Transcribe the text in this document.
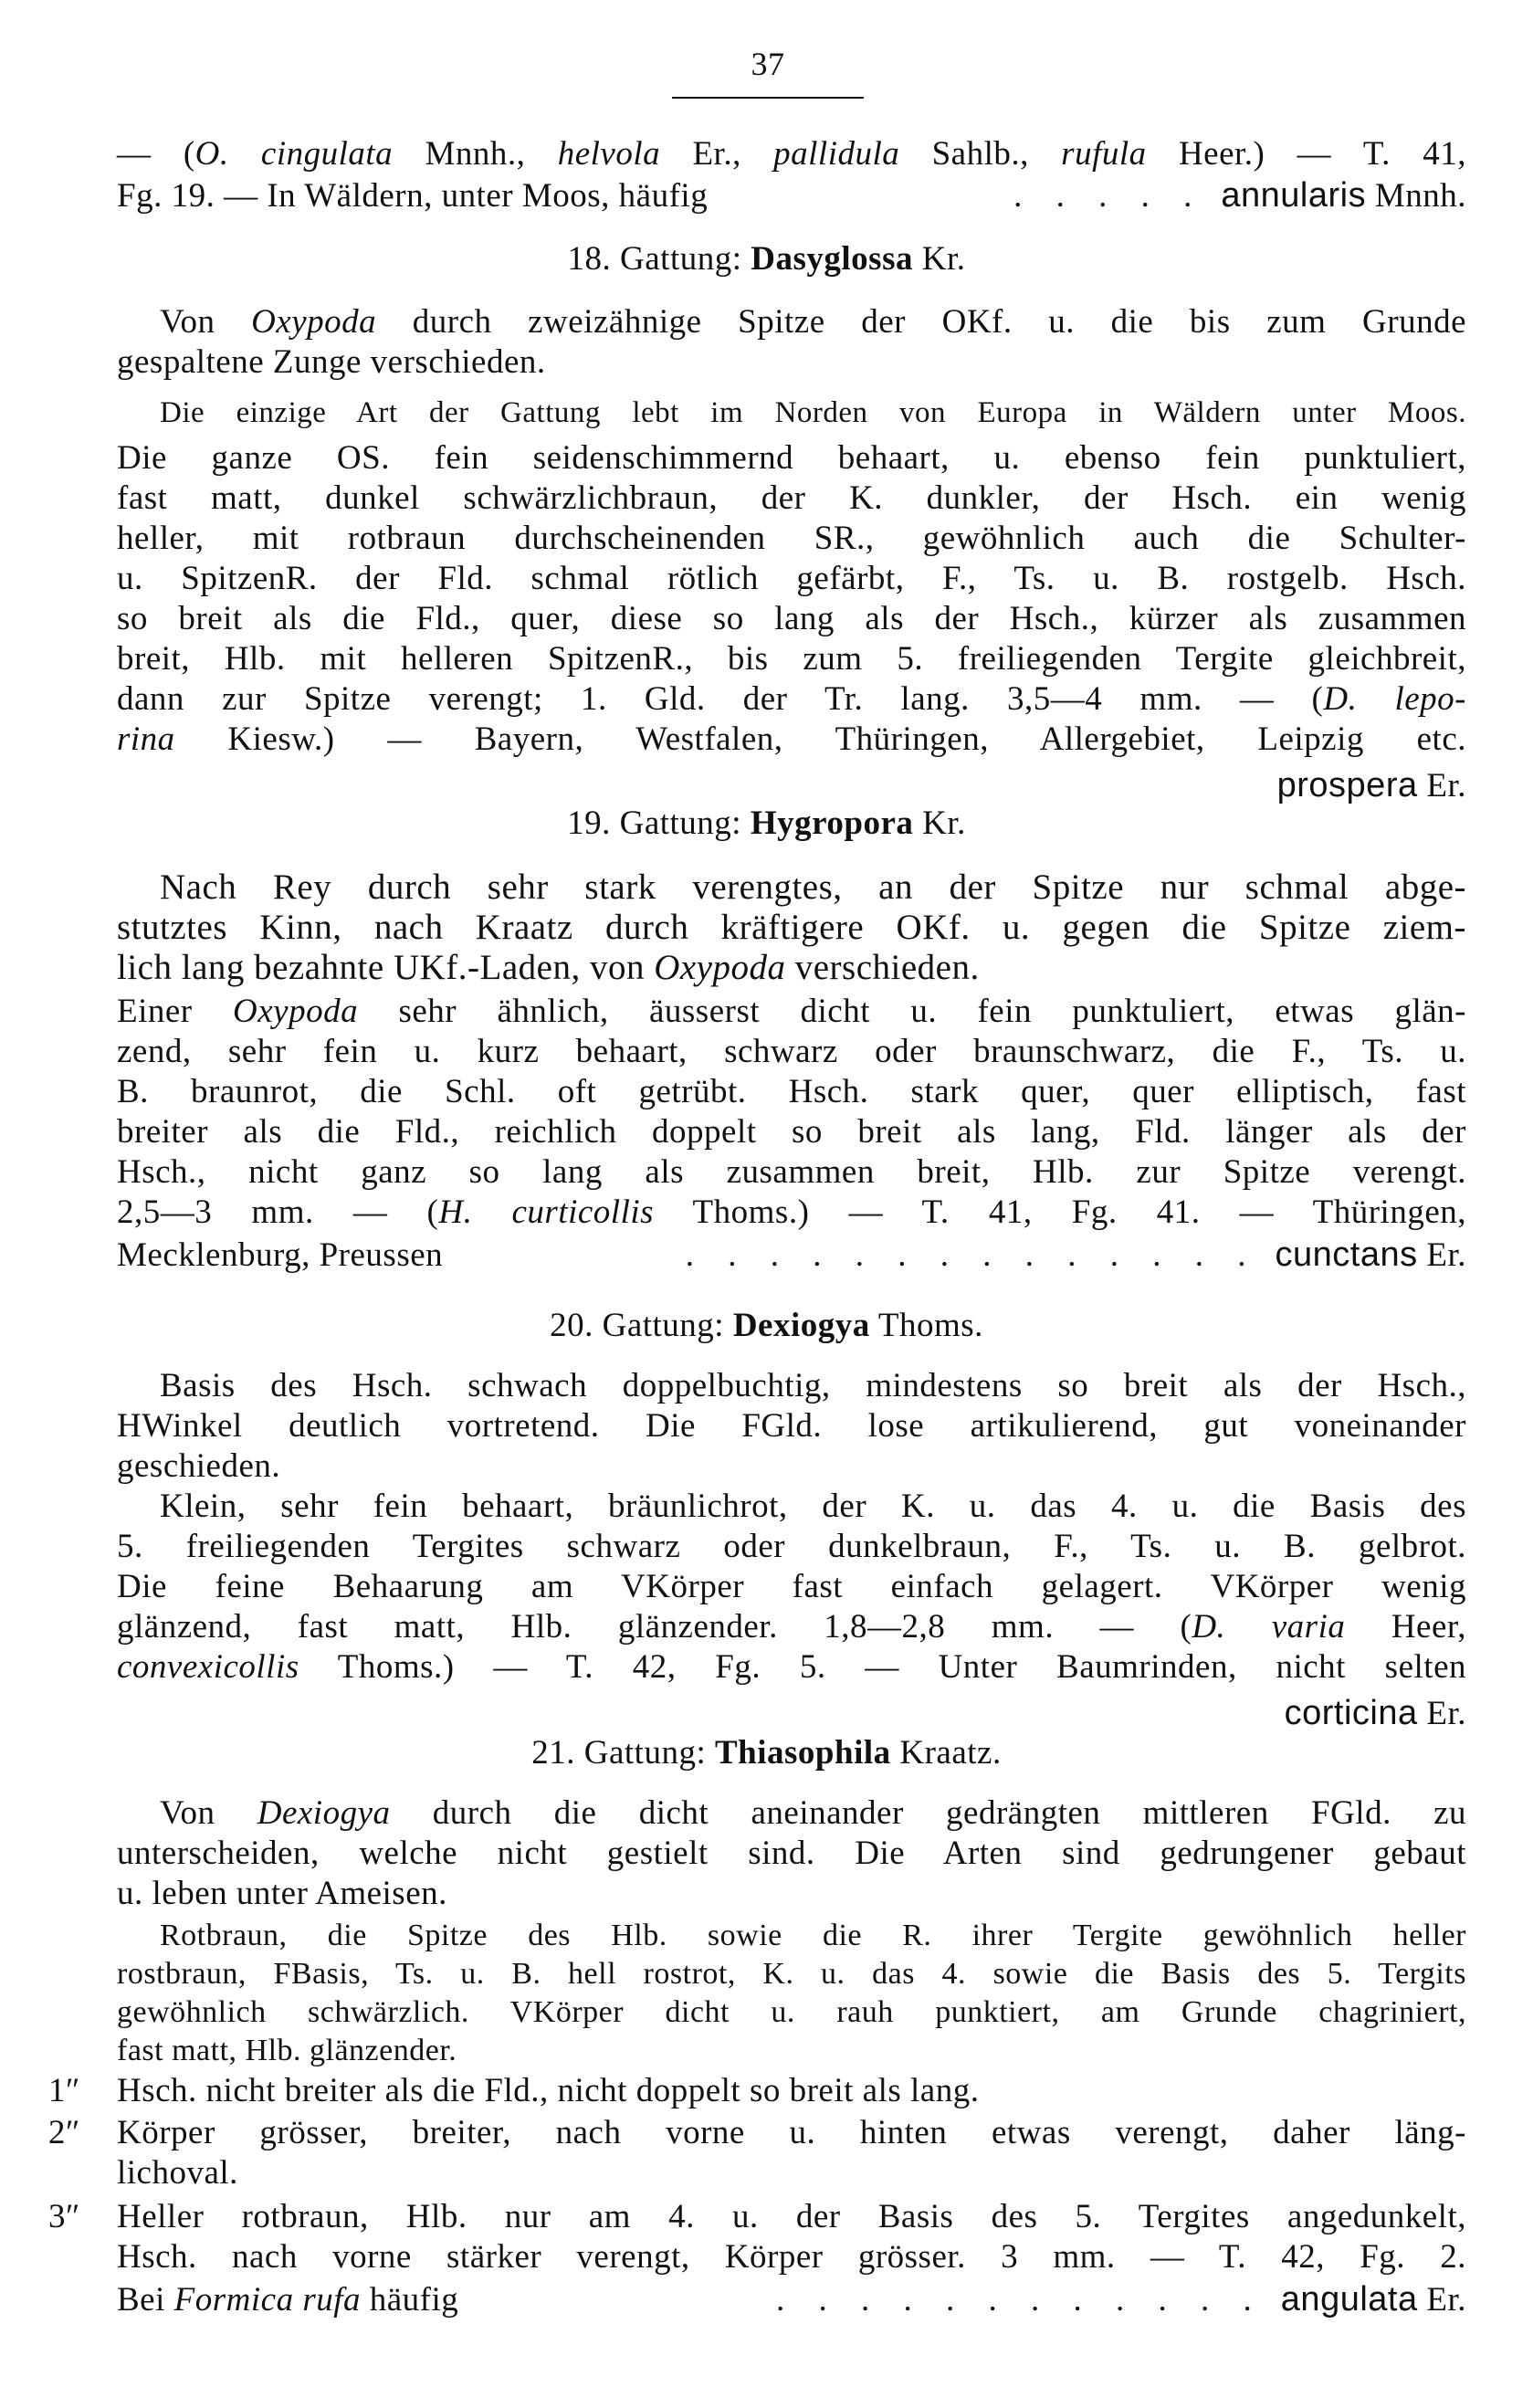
37
— (O. cingulata Mnnh., helvola Er., pallidula Sahlb., rufula Heer.) — T. 41,
Fg. 19. — In Wäldern, unter Moos, häufig	. . . . . annularis Mnnh.
18. Gattung: Dasyglossa Kr.
Von Oxypoda durch zweizähnige Spitze der OKf. u. die bis zum Grunde
gespaltene Zunge verschieden.
Die einzige Art der Gattung lebt im Norden von Europa in Wäldern unter Moos.
Die ganze OS. fein seidenschimmernd behaart, u. ebenso fein punktuliert,
fast matt, dunkel schwärzlichbraun, der K. dunkler, der Hsch. ein wenig
heller, mit rotbraun durchscheinenden SR., gewöhnlich auch die Schulter-
u. SpitzenR. der Fld. schmal rötlich gefärbt, F., Ts. u. B. rostgelb. Hsch.
so breit als die Fld., quer, diese so lang als der Hsch., kürzer als zusammen
breit, Hlb. mit helleren SpitzenR., bis zum 5. freiliegenden Tergite gleichbreit,
dann zur Spitze verengt; 1. Gld. der Tr. lang. 3,5—4 mm. — (D. lepo-
rina Kiesw.) — Bayern, Westfalen, Thüringen, Allergebiet, Leipzig etc.
prospera Er.
19. Gattung: Hygropora Kr.
Nach Rey durch sehr stark verengtes, an der Spitze nur schmal abge-
stutztes Kinn, nach Kraatz durch kräftigere OKf. u. gegen die Spitze ziem-
lich lang bezahnte UKf.-Laden, von Oxypoda verschieden.
Einer Oxypoda sehr ähnlich, äusserst dicht u. fein punktuliert, etwas glän-
zend, sehr fein u. kurz behaart, schwarz oder braunschwarz, die F., Ts. u.
B. braunrot, die Schl. oft getrübt. Hsch. stark quer, quer elliptisch, fast
breiter als die Fld., reichlich doppelt so breit als lang, Fld. länger als der
Hsch., nicht ganz so lang als zusammen breit, Hlb. zur Spitze verengt.
2,5—3 mm. — (H. curticollis Thoms.) — T. 41, Fg. 41. — Thüringen,
Mecklenburg, Preussen	. . . . . . . . . . . . . . cunctans Er.
20. Gattung: Dexiogya Thoms.
Basis des Hsch. schwach doppelbuchtig, mindestens so breit als der Hsch.,
HWinkel deutlich vortretend. Die FGld. lose artikulierend, gut voneinander
geschieden.
Klein, sehr fein behaart, bräunlichrot, der K. u. das 4. u. die Basis des
5. freiliegenden Tergites schwarz oder dunkelbraun, F., Ts. u. B. gelbrot.
Die feine Behaarung am VKörper fast einfach gelagert. VKörper wenig
glänzend, fast matt, Hlb. glänzender. 1,8—2,8 mm. — (D. varia Heer,
convexicollis Thoms.) — T. 42, Fg. 5. — Unter Baumrinden, nicht selten
corticina Er.
21. Gattung: Thiasophila Kraatz.
Von Dexiogya durch die dicht aneinander gedrängten mittleren FGld. zu
unterscheiden, welche nicht gestielt sind. Die Arten sind gedrungener gebaut
u. leben unter Ameisen.
Rotbraun, die Spitze des Hlb. sowie die R. ihrer Tergite gewöhnlich heller
rostbraun, FBasis, Ts. u. B. hell rostrot, K. u. das 4. sowie die Basis des 5. Tergits
gewöhnlich schwärzlich. VKörper dicht u. rauh punktiert, am Grunde chagriniert,
fast matt, Hlb. glänzender.
1″	Hsch. nicht breiter als die Fld., nicht doppelt so breit als lang.
2″	Körper grösser, breiter, nach vorne u. hinten etwas verengt, daher läng-
lichoval.
3″	Heller rotbraun, Hlb. nur am 4. u. der Basis des 5. Tergites angedunkelt,
Hsch. nach vorne stärker verengt, Körper grösser. 3 mm. — T. 42, Fg. 2.
Bei Formica rufa häufig	. . . . . . . . . . . . angulata Er.
